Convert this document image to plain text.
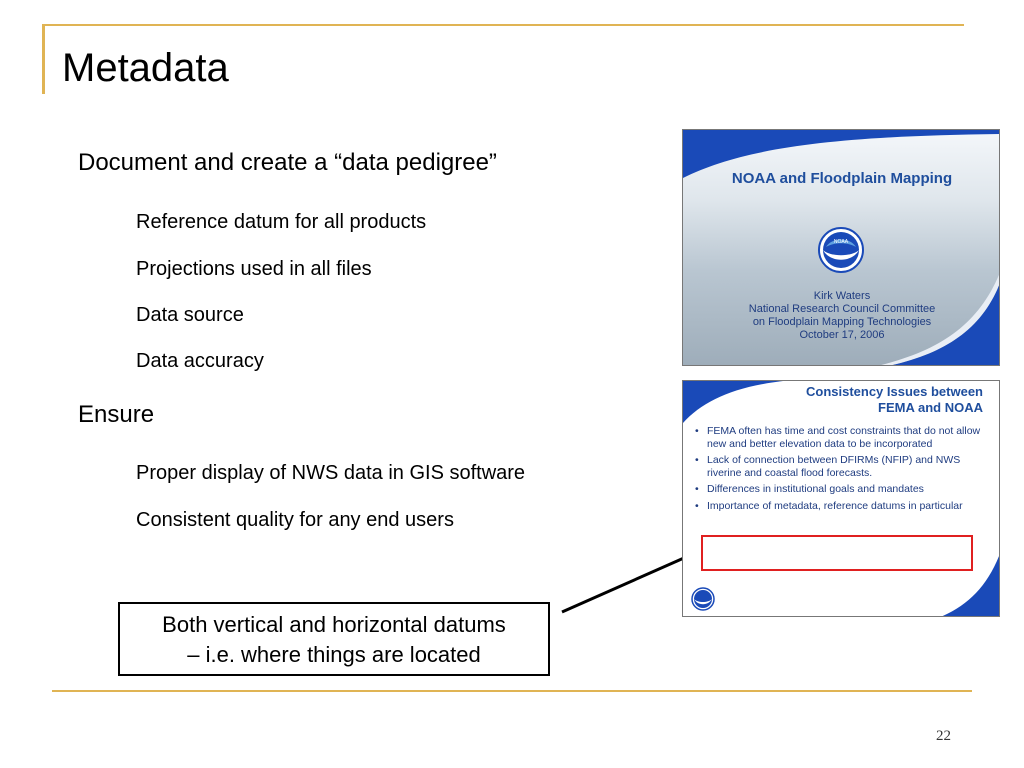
Metadata
Document and create a “data pedigree”
Reference datum for all products
Projections used in all files
Data source
Data accuracy
Ensure
Proper display of NWS data in GIS software
Consistent quality for any end users
Both vertical and horizontal datums
– i.e. where things are located
NOAA and Floodplain Mapping
NOAA
Kirk Waters
National Research Council Committee
on Floodplain Mapping Technologies
October 17, 2006
Consistency Issues between
FEMA and NOAA
• FEMA often has time and cost constraints that do not allow new and better elevation data to be incorporated
• Lack of connection between DFIRMs (NFIP) and NWS riverine and coastal flood forecasts.
• Differences in institutional goals and mandates
• Importance of metadata, reference datums in particular
22
